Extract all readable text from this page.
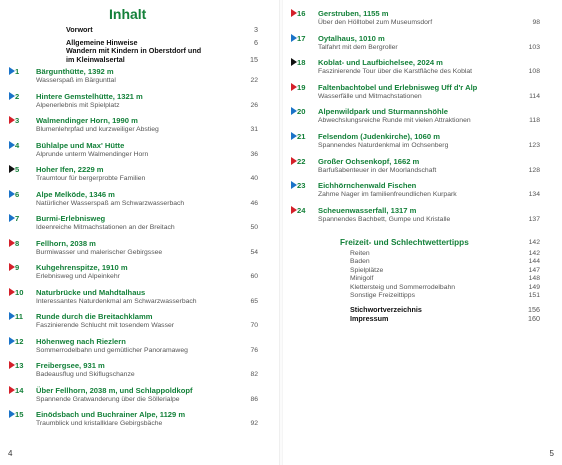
Inhalt
Vorwort	3
Allgemeine Hinweise	6
Wandern mit Kindern in Oberstdorf und
im Kleinwalsertal	15
1 Bärgunthütte, 1392 m
Wasserspaß im Bärgunttal	22
2 Hintere Gemstelhütte, 1321 m
Alpenerlebnis mit Spielplatz	26
3 Walmendinger Horn, 1990 m
Blumenlehrpfad und kurzweiliger Abstieg	31
4 Bühlalpe und Max' Hütte
Alprunde unterm Walmendinger Horn	36
5 Hoher Ifen, 2229 m
Traumtour für bergerprobte Familien	40
6 Alpe Melköde, 1346 m
Natürlicher Wasserspaß am Schwarzwasserbach	46
7 Burmi-Erlebnisweg
Ideenreiche Mitmachstationen an der Breitach	50
8 Fellhorn, 2038 m
Burmiwasser und malerischer Gebirgssee	54
9 Kuhgehrenspitze, 1910 m
Erlebnisweg und Alpeinkehr	60
10 Naturbrücke und Mahdtalhaus
Interessantes Naturdenkmal am Schwarzwasserbach	65
11 Runde durch die Breitachklamm
Faszinierende Schlucht mit tosendem Wasser	70
12 Höhenweg nach Riezlern
Sommerrodelbahn und gemütlicher Panoramaweg	76
13 Freibergsee, 931 m
Badeausflug und Skiflugschanze	82
14 Über Fellhorn, 2038 m, und Schlappoldkopf
Spannende Gratwanderung über die Söllerialpe	86
15 Einödsbach und Buchrainer Alpe, 1129 m
Traumblick und kristallklare Gebirgsbäche	92
4
16 Gerstruben, 1155 m
Über den Hölltobel zum Museumsdorf	98
17 Oytalhaus, 1010 m
Talfahrt mit dem Bergroller	103
18 Koblat- und Laufbichelsee, 2024 m
Faszinierende Tour über die Karstfläche des Koblat	108
19 Faltenbachtobel und Erlebnisweg Uff d'r Alp
Wasserfälle und Mitmachstationen	114
20 Alpenwildpark und Sturmannshöhle
Abwechslungsreiche Runde mit vielen Attraktionen	118
21 Felsendom (Judenkirche), 1060 m
Spannendes Naturdenkmal im Ochsenberg	123
22 Großer Ochsenkopf, 1662 m
Barfußabenteuer in der Moorlandschaft	128
23 Eichhörnchenwald Fischen
Zahme Nager im familienfreundlichen Kurpark	134
24 Scheuenwasserfall, 1317 m
Spannendes Bachbett, Gumpe und Kristalle	137
Freizeit- und Schlechtwettertipps	142
Reiten	142
Baden	144
Spielplätze	147
Minigolf	148
Klettersteig und Sommerrodelbahn	149
Sonstige Freizeittipps	151
Stichwortverzeichnis	156
Impressum	160
5
